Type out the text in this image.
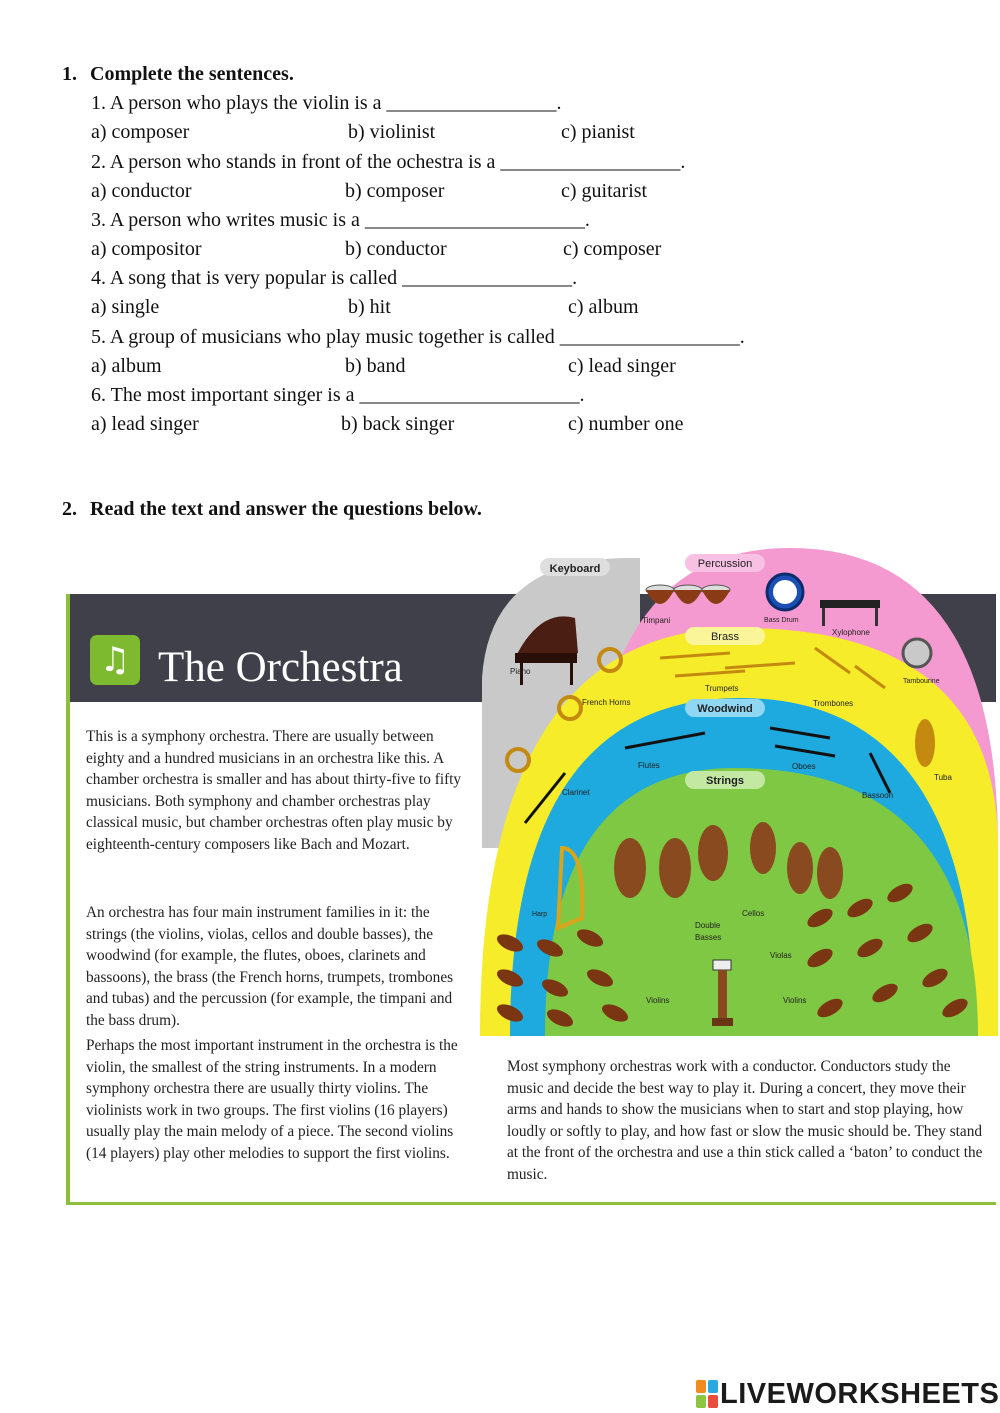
1. Complete the sentences.
1. A person who plays the violin is a _________________.
a) composer	b) violinist	c) pianist
2. A person who stands in front of the ochestra is a __________________.
a) conductor	b) composer	c) guitarist
3. A person who writes music is a ______________________.
a) compositor	b) conductor	c) composer
4. A song that is very popular is called _________________.
a) single	b) hit	c) album
5. A group of musicians who play music together is called __________________.
a) album	b) band	c) lead singer
6. The most important singer is a ______________________.
a) lead singer	b) back singer	c) number one
2. Read the text and answer the questions below.
♫ The Orchestra
This is a symphony orchestra. There are usually between eighty and a hundred musicians in an orchestra like this. A chamber orchestra is smaller and has about thirty-five to fifty musicians. Both symphony and chamber orchestras play classical music, but chamber orchestras often play music by eighteenth-century composers like Bach and Mozart.
An orchestra has four main instrument families in it: the strings (the violins, violas, cellos and double basses), the woodwind (for example, the flutes, oboes, clarinets and bassoons), the brass (the French horns, trumpets, trombones and tubas) and the percussion (for example, the timpani and the bass drum).
Perhaps the most important instrument in the orchestra is the violin, the smallest of the string instruments. In a modern symphony orchestra there are usually thirty violins. The violinists work in two groups. The first violins (16 players) usually play the main melody of a piece. The second violins (14 players) play other melodies to support the first violins.
Most symphony orchestras work with a conductor. Conductors study the music and decide the best way to play it. During a concert, they move their arms and hands to show the musicians when to start and stop playing, how loudly or softly to play, and how fast or slow the music should be. They stand at the front of the orchestra and use a thin stick called a ‘baton’ to conduct the music.
Keyboard	Percussion
Brass
Woodwind
Strings
Piano
Timpani	Bass Drum
Xylophone
Tambourine
French Horns
Trumpets
Trombones
Tuba
Flutes	Oboes
Clarinet	Bassoon
Harp	Cellos
Double
Basses
Violas
Violins	Violins
LIVEWORKSHEETS
